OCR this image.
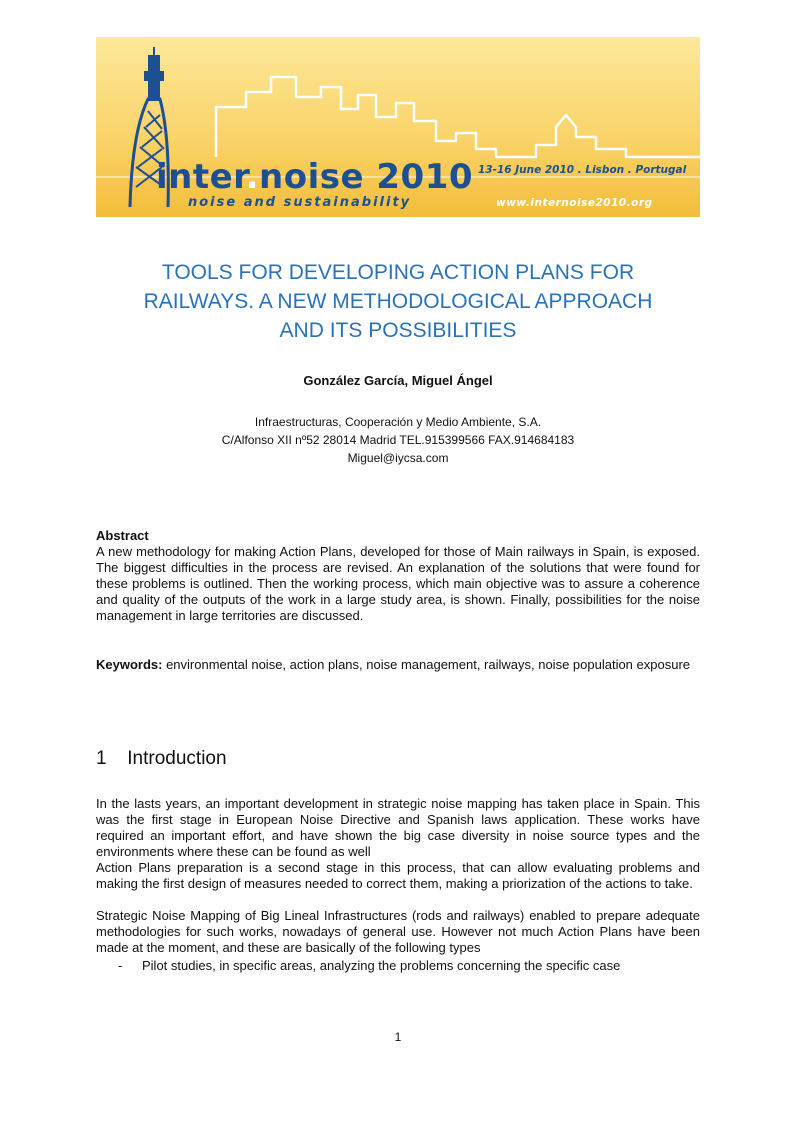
inter.noise 2010
noise and sustainability
13-16 June 2010 . Lisbon . Portugal
www.internoise2010.org
TOOLS FOR DEVELOPING ACTION PLANS FOR
RAILWAYS. A NEW METHODOLOGICAL APPROACH
AND ITS POSSIBILITIES
González García, Miguel Ángel
Infraestructuras, Cooperación y Medio Ambiente, S.A.
C/Alfonso XII nº52 28014 Madrid TEL.915399566 FAX.914684183
Miguel@iycsa.com
Abstract

A new methodology for making Action Plans, developed for those of Main railways in Spain, is exposed. The biggest difficulties in the process are revised. An explanation of the solutions that were found for these problems is outlined. Then the working process, which main objective was to assure a coherence and quality of the outputs of the work in a large study area, is shown. Finally, possibilities for the noise management in large territories are discussed.

Keywords: environmental noise, action plans, noise management, railways, noise population exposure

1 Introduction

In the lasts years, an important development in strategic noise mapping has taken place in Spain. This was the first stage in European Noise Directive and Spanish laws application. These works have required an important effort, and have shown the big case diversity in noise source types and the environments where these can be found as well

Action Plans preparation is a second stage in this process, that can allow evaluating problems and making the first design of measures needed to correct them, making a priorization of the actions to take.

Strategic Noise Mapping of Big Lineal Infrastructures (rods and railways) enabled to prepare adequate methodologies for such works, nowadays of general use. However not much Action Plans have been made at the moment, and these are basically of the following types

- Pilot studies, in specific areas, analyzing the problems concerning the specific case
1
